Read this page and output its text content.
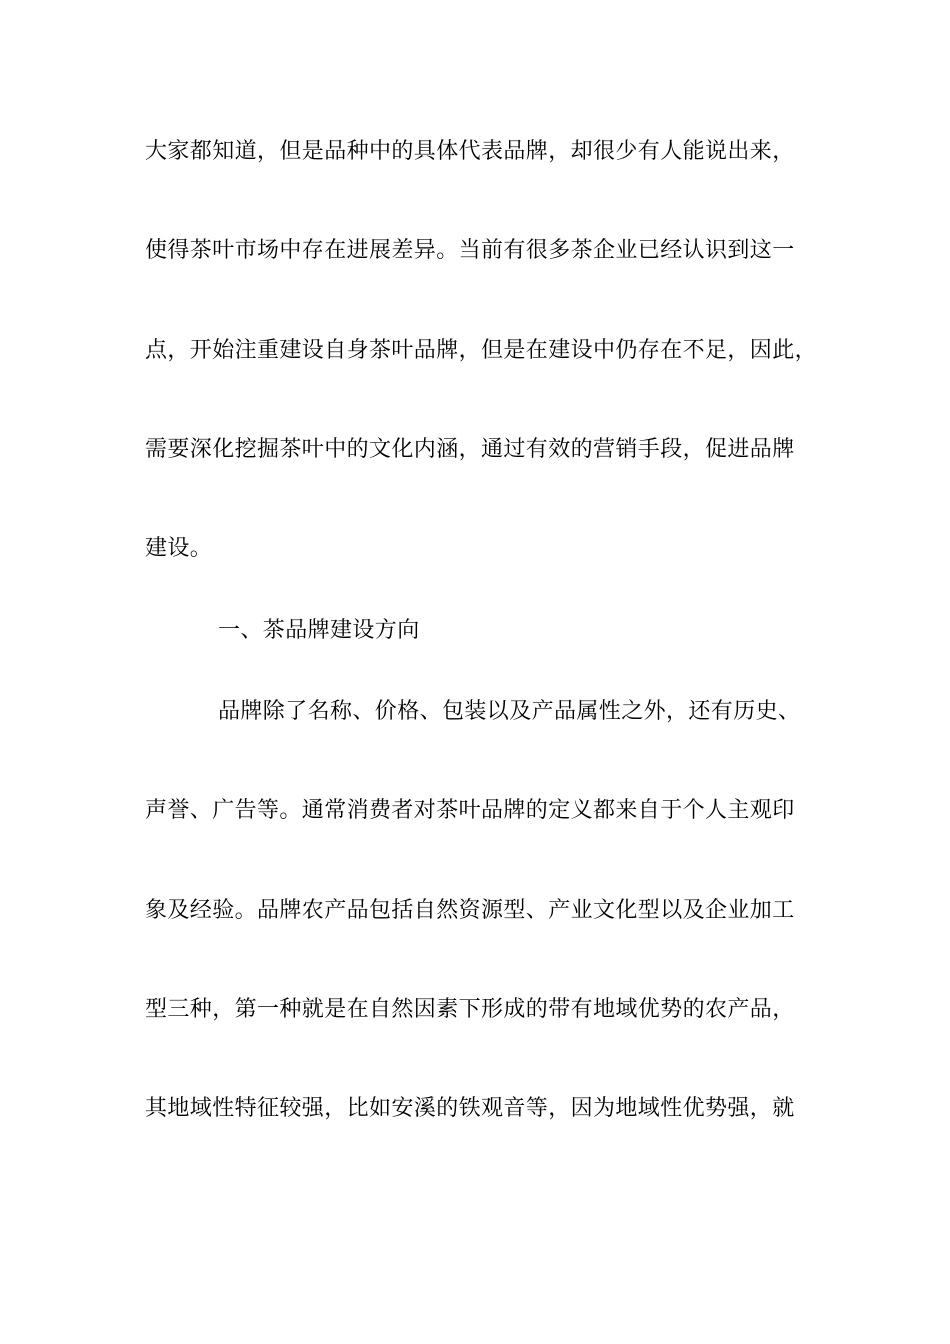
大家都知道，但是品种中的具体代表品牌，却很少有人能说出来，
使得茶叶市场中存在进展差异。当前有很多茶企业已经认识到这一
点，开始注重建设自身茶叶品牌，但是在建设中仍存在不足，因此，
需要深化挖掘茶叶中的文化内涵，通过有效的营销手段，促进品牌
建设。
一、茶品牌建设方向
品牌除了名称、价格、包装以及产品属性之外，还有历史、
声誉、广告等。通常消费者对茶叶品牌的定义都来自于个人主观印
象及经验。品牌农产品包括自然资源型、产业文化型以及企业加工
型三种，第一种就是在自然因素下形成的带有地域优势的农产品，
其地域性特征较强，比如安溪的铁观音等，因为地域性优势强，就
